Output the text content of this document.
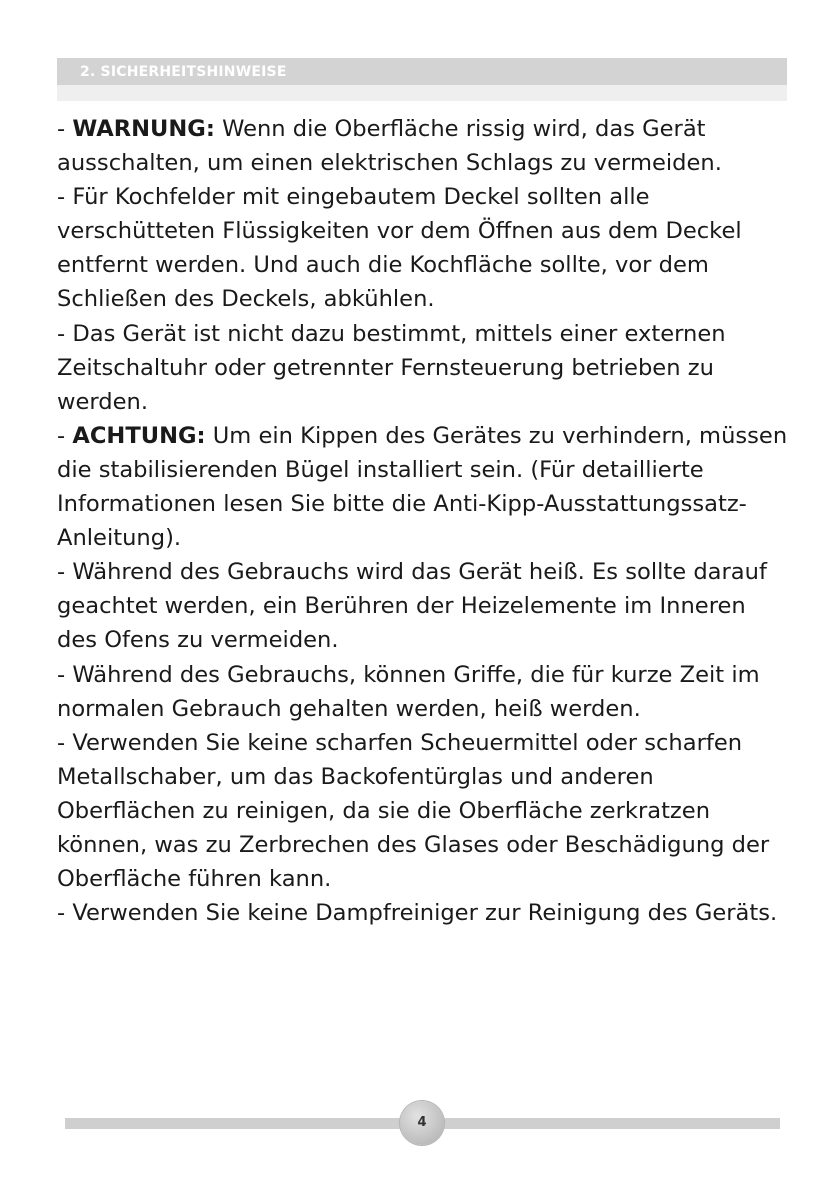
2. SICHERHEITSHINWEISE

- WARNUNG: Wenn die Oberfläche rissig wird, das Gerät ausschalten, um einen elektrischen Schlags zu vermeiden.

- Für Kochfelder mit eingebautem Deckel sollten alle verschütteten Flüssigkeiten vor dem Öffnen aus dem Deckel entfernt werden. Und auch die Kochfläche sollte, vor dem Schließen des Deckels, abkühlen.

- Das Gerät ist nicht dazu bestimmt, mittels einer externen Zeitschaltuhr oder getrennter Fernsteuerung betrieben zu werden.

- ACHTUNG: Um ein Kippen des Gerätes zu verhindern, müssen die stabilisierenden Bügel installiert sein. (Für detaillierte Informationen lesen Sie bitte die Anti-Kipp-Ausstattungssatz- Anleitung).

- Während des Gebrauchs wird das Gerät heiß. Es sollte darauf geachtet werden, ein Berühren der Heizelemente im Inneren des Ofens zu vermeiden.

- Während des Gebrauchs, können Griffe, die für kurze Zeit im normalen Gebrauch gehalten werden, heiß werden.

- Verwenden Sie keine scharfen Scheuermittel oder scharfen Metallschaber, um das Backofentürglas und anderen Oberflächen zu reinigen, da sie die Oberfläche zerkratzen können, was zu Zerbrechen des Glases oder Beschädigung der Oberfläche führen kann.

- Verwenden Sie keine Dampfreiniger zur Reinigung des Geräts.

4
